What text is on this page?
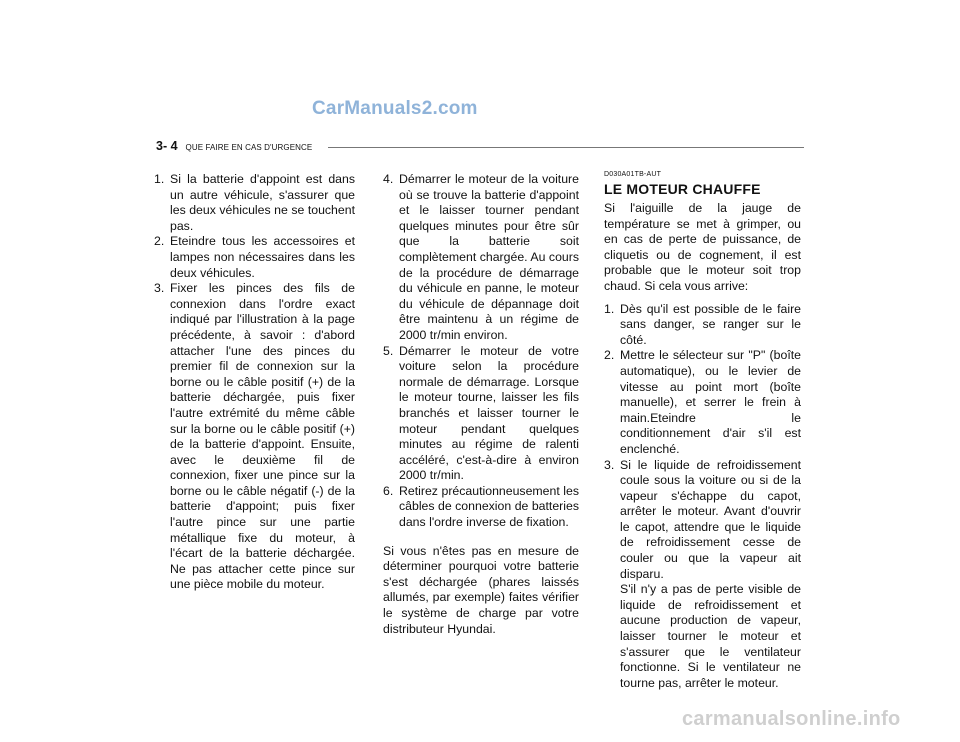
CarManuals2.com
3- 4 QUE FAIRE EN CAS D'URGENCE
1. Si la batterie d'appoint est dans un autre véhicule, s'assurer que les deux véhicules ne se touchent pas.
2. Eteindre tous les accessoires et lampes non nécessaires dans les deux véhicules.
3. Fixer les pinces des fils de connexion dans l'ordre exact indiqué par l'illustration à la page précédente, à savoir : d'abord attacher l'une des pinces du premier fil de connexion sur la borne ou le câble positif (+) de la batterie déchargée, puis fixer l'autre extrémité du même câble sur la borne ou le câble positif (+) de la batterie d'appoint. Ensuite, avec le deuxième fil de connexion, fixer une pince sur la borne ou le câble négatif (-) de la batterie d'appoint; puis fixer l'autre pince sur une partie métallique fixe du moteur, à l'écart de la batterie déchargée. Ne pas attacher cette pince sur une pièce mobile du moteur.
4. Démarrer le moteur de la voiture où se trouve la batterie d'appoint et le laisser tourner pendant quelques minutes pour être sûr que la batterie soit complètement chargée. Au cours de la procédure de démarrage du véhicule en panne, le moteur du véhicule de dépannage doit être maintenu à un régime de 2000 tr/min environ.
5. Démarrer le moteur de votre voiture selon la procédure normale de démarrage. Lorsque le moteur tourne, laisser les fils branchés et laisser tourner le moteur pendant quelques minutes au régime de ralenti accéléré, c'est-à-dire à environ 2000 tr/min.
6. Retirez précautionneusement les câbles de connexion de batteries dans l'ordre inverse de fixation.

Si vous n'êtes pas en mesure de déterminer pourquoi votre batterie s'est déchargée (phares laissés allumés, par exemple) faites vérifier le système de charge par votre distributeur Hyundai.

D030A01TB-AUT
LE MOTEUR CHAUFFE

Si l'aiguille de la jauge de température se met à grimper, ou en cas de perte de puissance, de cliquetis ou de cognement, il est probable que le moteur soit trop chaud. Si cela vous arrive:

1. Dès qu'il est possible de le faire sans danger, se ranger sur le côté.
2. Mettre le sélecteur sur "P" (boîte automatique), ou le levier de vitesse au point mort (boîte manuelle), et serrer le frein à main.Eteindre le conditionnement d'air s'il est enclenché.
3. Si le liquide de refroidissement coule sous la voiture ou si de la vapeur s'échappe du capot, arrêter le moteur. Avant d'ouvrir le capot, attendre que le liquide de refroidissement cesse de couler ou que la vapeur ait disparu.
S'il n'y a pas de perte visible de liquide de refroidissement et aucune production de vapeur, laisser tourner le moteur et s'assurer que le ventilateur fonctionne. Si le ventilateur ne tourne pas, arrêter le moteur.
carmanualsonline.info
